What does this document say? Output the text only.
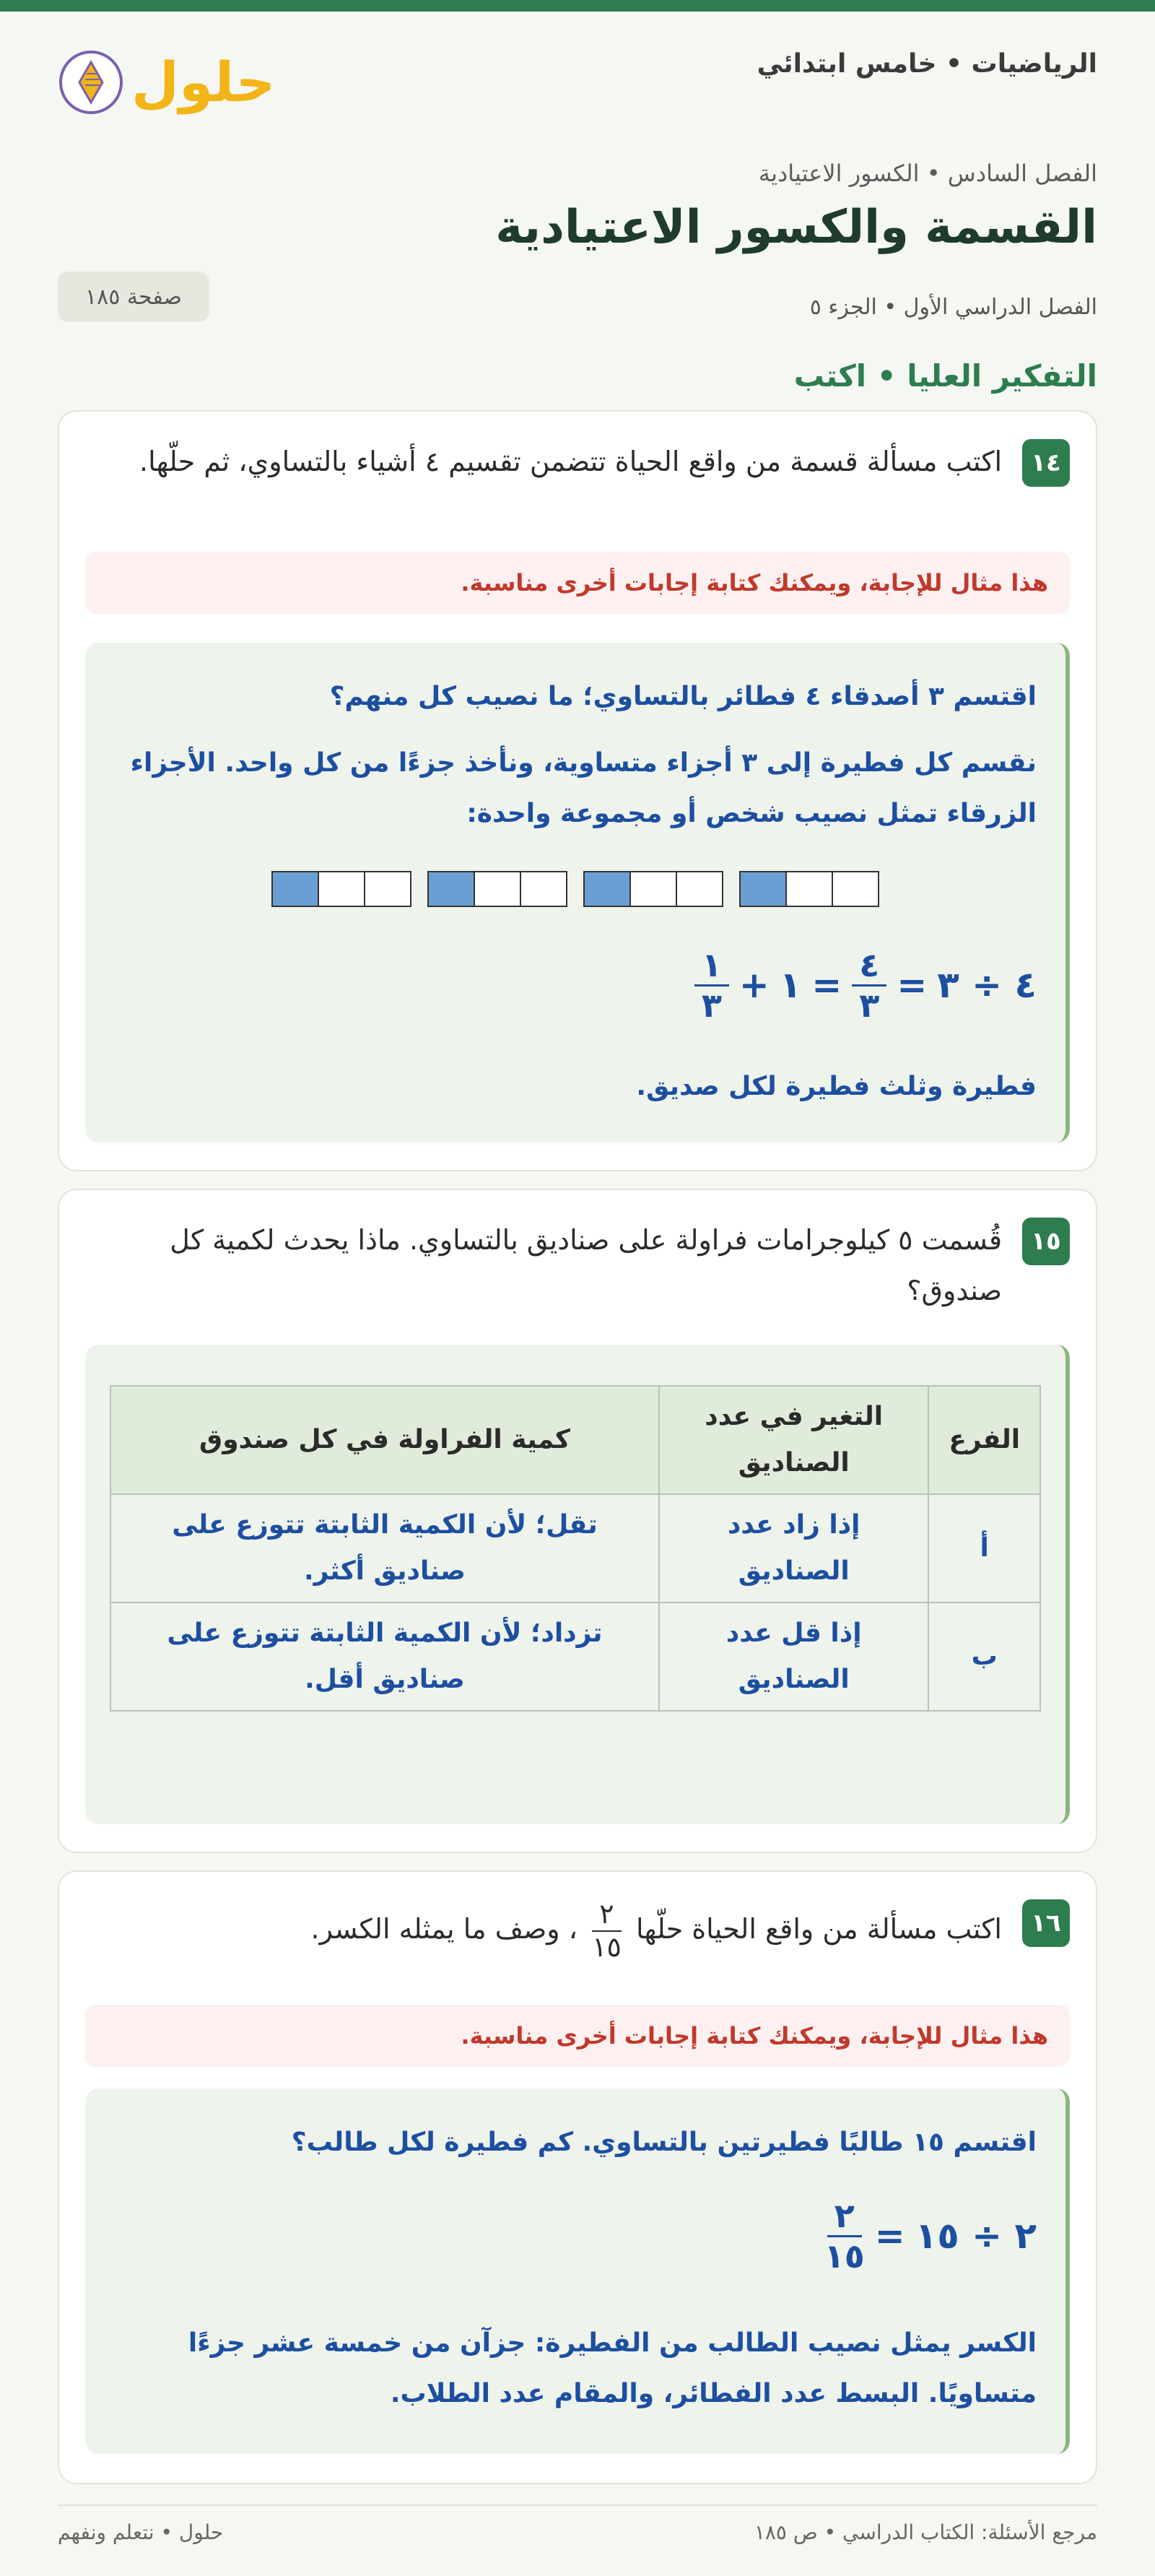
الرياضيات • خامس ابتدائي
حلول
الفصل السادس • الكسور الاعتيادية
القسمة والكسور الاعتيادية
الفصل الدراسي الأول • الجزء ٥
صفحة ١٨٥
التفكير العليا • اكتب
١٤

اكتب مسألة قسمة من واقع الحياة تتضمن تقسيم ٤ أشياء بالتساوي، ثم حلّها.

هذا مثال للإجابة، ويمكنك كتابة إجابات أخرى مناسبة.

اقتسم ٣ أصدقاء ٤ فطائر بالتساوي؛ ما نصيب كل منهم؟

نقسم كل فطيرة إلى ٣ أجزاء متساوية، ونأخذ جزءًا من كل واحد. الأجزاء الزرقاء تمثل نصيب شخص أو مجموعة واحدة:

٤ ÷ ٣
=
$\frac{٤}{٣}$
=
١
+
$\frac{١}{٣}$

فطيرة وثلث فطيرة لكل صديق.

١٥

قُسمت ٥ كيلوجرامات فراولة على صناديق بالتساوي. ماذا يحدث لكمية كل صندوق؟

الفرع	التغير في عدد الصناديق	كمية الفراولة في كل صندوق
أ	إذا زاد عدد الصناديق	تقل؛ لأن الكمية الثابتة تتوزع على صناديق أكثر.
ب	إذا قل عدد الصناديق	تزداد؛ لأن الكمية الثابتة تتوزع على صناديق أقل.
١٦

اكتب مسألة من واقع الحياة حلّها
$\frac{٢}{١٥}$
، وصف ما يمثله الكسر.

هذا مثال للإجابة، ويمكنك كتابة إجابات أخرى مناسبة.

اقتسم ١٥ طالبًا فطيرتين بالتساوي. كم فطيرة لكل طالب؟

٢ ÷ ١٥
=
$\frac{٢}{١٥}$

الكسر يمثل نصيب الطالب من الفطيرة: جزآن من خمسة عشر جزءًا متساويًا. البسط عدد الفطائر، والمقام عدد الطلاب.

مرجع الأسئلة: الكتاب الدراسي • ص ١٨٥
حلول • نتعلم ونفهم
